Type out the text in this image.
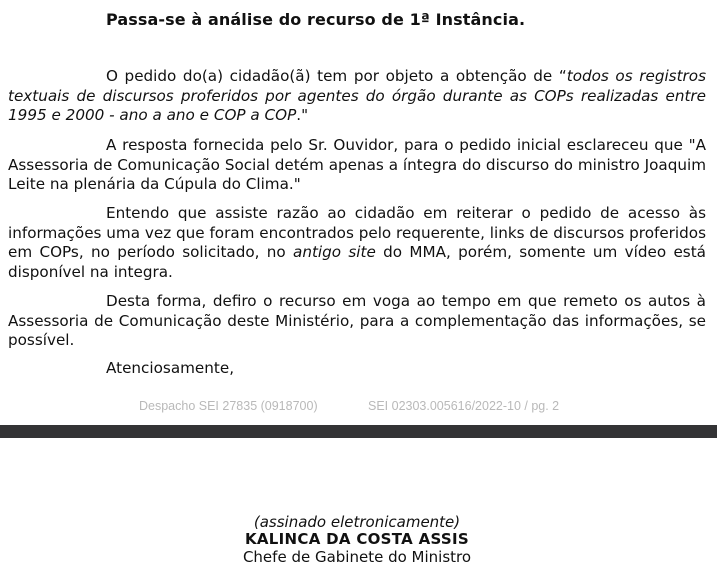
Passa-se à análise do recurso de 1ª Instância.

O pedido do(a) cidadão(ã) tem por objeto a obtenção de “todos os registros textuais de discursos proferidos por agentes do órgão durante as COPs realizadas entre 1995 e 2000 - ano a ano e COP a COP."

A resposta fornecida pelo Sr. Ouvidor, para o pedido inicial esclareceu que "A Assessoria de Comunicação Social detém apenas a íntegra do discurso do ministro Joaquim Leite na plenária da Cúpula do Clima."

Entendo que assiste razão ao cidadão em reiterar o pedido de acesso às informações uma vez que foram encontrados pelo requerente, links de discursos proferidos em COPs, no período solicitado, no antigo site do MMA, porém, somente um vídeo está disponível na integra.

Desta forma, defiro o recurso em voga ao tempo em que remeto os autos à Assessoria de Comunicação deste Ministério, para a complementação das informações, se possível.

Atenciosamente,
Despacho SEI 27835 (0918700)	SEI 02303.005616/2022-10 / pg. 2
(assinado eletronicamente)
KALINCA DA COSTA ASSIS
Chefe de Gabinete do Ministro
